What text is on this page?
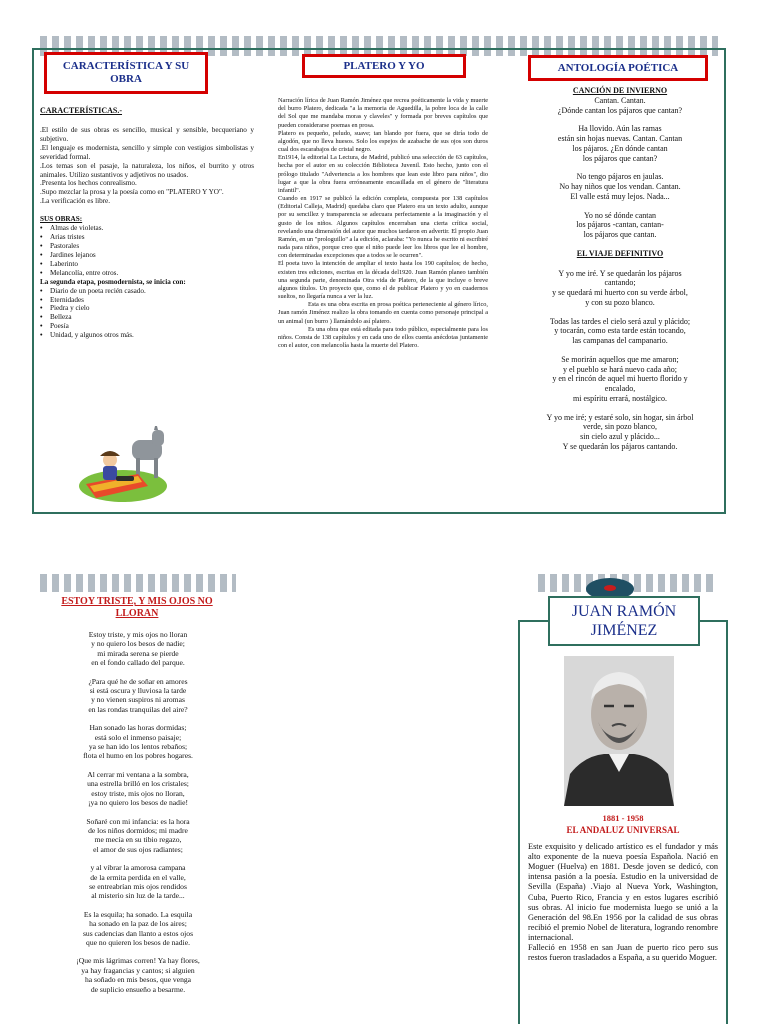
CARACTERÍSTICA Y SU OBRA

CARACTERÍSTICAS.-

.El estilo de sus obras es sencillo, musical y sensible, becqueriano y subjetivo.

.El lenguaje es modernista, sencillo y simple con vestigios simbolistas y severidad formal.

.Los temas son el pasaje, la naturaleza, los niños, el burrito y otros animales. Utilizo sustantivos y adjetivos no usados.

.Presenta los hechos conrealismo.

.Supo mezclar la prosa y la poesía como en "PLATERO Y YO".

.La verificación es libre.

SUS OBRAS:

• Almas de violetas.
• Arias tristes
• Pastorales
• Jardines lejanos
• Laberinto
• Melancolía, entre otros.

La segunda etapa, posmodernista, se inicia con:

• Diario de un poeta recién casado.
• Eternidades
• Piedra y cielo
• Belleza
• Poesía
• Unidad, y algunos otros más.
PLATERO Y YO

Narración lírica de Juan Ramón Jiménez que recrea poéticamente la vida y muerte del burro Platero, dedicada "a la memoria de Aguedilla, la pobre loca de la calle del Sol que me mandaba moras y claveles" y formada por breves capítulos que pueden considerarse poemas en prosa.

Platero es pequeño, peludo, suave; tan blando por fuera, que se diría todo de algodón, que no lleva huesos. Solo los espejos de azabache de sus ojos son duros cual dos escarabajos de cristal negro.

En1914, la editorial La Lectura, de Madrid, publicó una selección de 63 capítulos, hecha por el autor en su colección Biblioteca Juvenil. Esto hecho, junto con el prólogo titulado "Advertencia a los hombres que lean este libro para niños", dio lugar a que la obra fuera erróneamente encasillada en el género de "literatura infantil".

Cuando en 1917 se publicó la edición completa, compuesta por 138 capítulos (Editorial Calleja, Madrid) quedaba claro que Platero era un texto adulto, aunque por su sencillez y transparencia se adecuara perfectamente a la imaginación y el gusto de los niños. Algunos capítulos encerraban una cierta crítica social, revelando una dimensión del autor que muchos tardaron en advertir. El propio Juan Ramón, en un "prologuillo" a la edición, aclaraba: "Yo nunca he escrito ni escribiré nada para niños, porque creo que el niño puede leer los libros que lee el hombre, con determinadas excepciones que a todos se le ocurren".

El poeta tuvo la intención de ampliar el texto hasta los 190 capítulos; de hecho, existen tres ediciones, escritas en la década del1920. Juan Ramón planeo también una segunda parte, denominada Otra vida de Platero, de la que incluye o breve algunos títulos. Un proyecto que, como el de publicar Platero y yo en cuadernos sueltos, no llegaría nunca a ver la luz.

Esta es una obra escrita en prosa poética perteneciente al género lírico, Juan ramón Jiménez realizo la obra tomando en cuenta como personaje principal a un animal (un burro ) llamándolo así platero.

Es una obra que está editada para todo público, especialmente para los niños. Consta de 138 capítulos y en cada uno de ellos cuenta anécdotas juntamente con el autor, con melancolía hasta la muerte del Platero.

ANTOLOGÍA POÉTICA

CANCIÓN DE INVIERNO

Cantan. Cantan.
¿Dónde cantan los pájaros que cantan?
Ha llovido. Aún las ramas
están sin hojas nuevas. Cantan. Cantan
los pájaros. ¿En dónde cantan
los pájaros que cantan?
No tengo pájaros en jaulas.
No hay niños que los vendan. Cantan.
El valle está muy lejos. Nada...
Yo no sé dónde cantan
los pájaros -cantan, cantan-
los pájaros que cantan.

EL VIAJE DEFINITIVO

Y yo me iré. Y se quedarán los pájaros
cantando;
y se quedará mi huerto con su verde árbol,
y con su pozo blanco.
Todas las tardes el cielo será azul y plácido;
y tocarán, como esta tarde están tocando,
las campanas del campanario.
Se morirán aquellos que me amaron;
y el pueblo se hará nuevo cada año;
y en el rincón de aquel mi huerto florido y
encalado,
mi espíritu errará, nostálgico.
Y yo me iré; y estaré solo, sin hogar, sin árbol
verde, sin pozo blanco,
sin cielo azul y plácido...
Y se quedarán los pájaros cantando.
ESTOY TRISTE, Y MIS OJOS NO LLORAN
Estoy triste, y mis ojos no lloran
y no quiero los besos de nadie;
mi mirada serena se pierde
en el fondo callado del parque.
¿Para qué he de soñar en amores
si está oscura y lluviosa la tarde
y no vienen suspiros ni aromas
en las rondas tranquilas del aire?
Han sonado las horas dormidas;
está solo el inmenso paisaje;
ya se han ido los lentos rebaños;
flota el humo en los pobres hogares.
Al cerrar mi ventana a la sombra,
una estrella brilló en los cristales;
estoy triste, mis ojos no lloran,
¡ya no quiero los besos de nadie!
Soñaré con mi infancia: es la hora
de los niños dormidos; mi madre
me mecía en su tibio regazo,
el amor de sus ojos radiantes;
y al vibrar la amorosa campana
de la ermita perdida en el valle,
se entreabrían mis ojos rendidos
al misterio sin luz de la tarde...
Es la esquila; ha sonado. La esquila
ha sonado en la paz de los aires;
sus cadencias dan llanto a estos ojos
que no quieren los besos de nadie.
¡Que mis lágrimas corren! Ya hay flores,
ya hay fragancias y cantos; si alguien
ha soñado en mis besos, que venga
de suplicio ensueño a besarme.
JUAN RAMÓN JIMÉNEZ
1881 - 1958
EL ANDALUZ UNIVERSAL

Este exquisito y delicado artístico es el fundador y más alto exponente de la nueva poesía Española. Nació en Moguer (Huelva) en 1881. Desde joven se dedicó, con intensa pasión a la poesía. Estudio en la universidad de Sevilla (España) .Viajo al Nueva York, Washington, Cuba, Puerto Rico, Francia y en estos lugares escribió sus obras. Al inicio fue modernista luego se unió a la Generación del 98.En 1956 por la calidad de sus obras recibió el premio Nobel de literatura, logrando renombre internacional.

Falleció en 1958 en san Juan de puerto rico pero sus restos fueron trasladados a España, a su querido Moguer.
